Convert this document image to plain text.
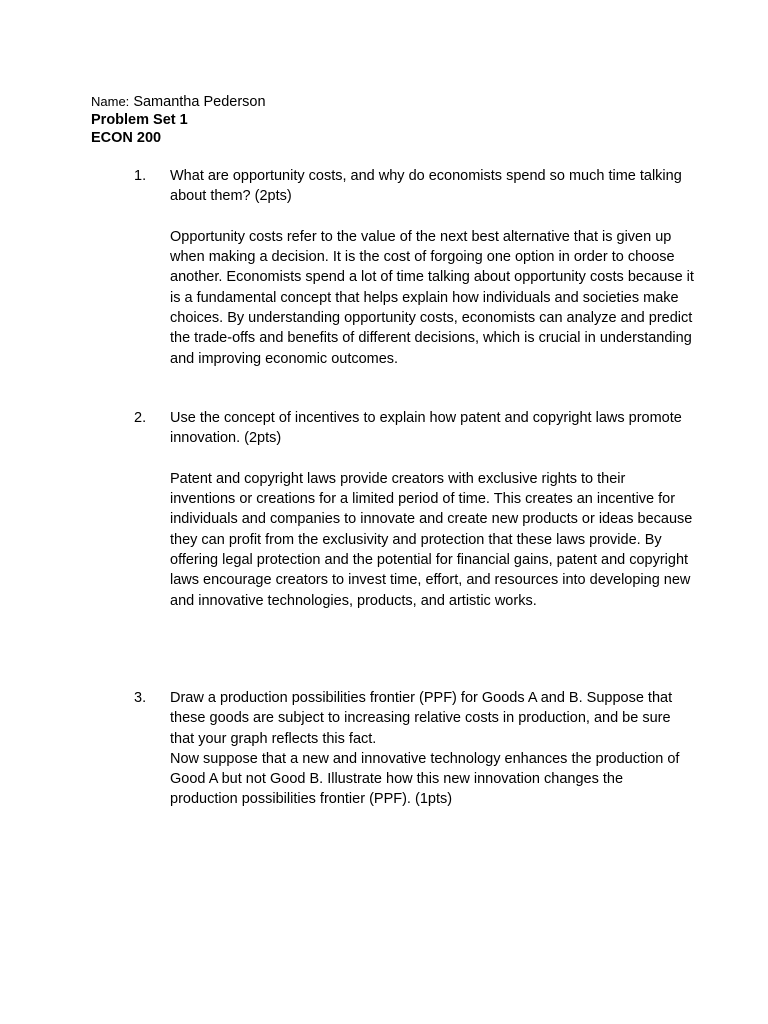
Name: Samantha Pederson
Problem Set 1
ECON 200
1. What are opportunity costs, and why do economists spend so much time talking about them? (2pts)

Opportunity costs refer to the value of the next best alternative that is given up when making a decision. It is the cost of forgoing one option in order to choose another. Economists spend a lot of time talking about opportunity costs because it is a fundamental concept that helps explain how individuals and societies make choices. By understanding opportunity costs, economists can analyze and predict the trade-offs and benefits of different decisions, which is crucial in understanding and improving economic outcomes.

2. Use the concept of incentives to explain how patent and copyright laws promote innovation. (2pts)

Patent and copyright laws provide creators with exclusive rights to their inventions or creations for a limited period of time. This creates an incentive for individuals and companies to innovate and create new products or ideas because they can profit from the exclusivity and protection that these laws provide. By offering legal protection and the potential for financial gains, patent and copyright laws encourage creators to invest time, effort, and resources into developing new and innovative technologies, products, and artistic works.

3. Draw a production possibilities frontier (PPF) for Goods A and B. Suppose that these goods are subject to increasing relative costs in production, and be sure that your graph reflects this fact.

Now suppose that a new and innovative technology enhances the production of Good A but not Good B. Illustrate how this new innovation changes the production possibilities frontier (PPF). (1pts)
